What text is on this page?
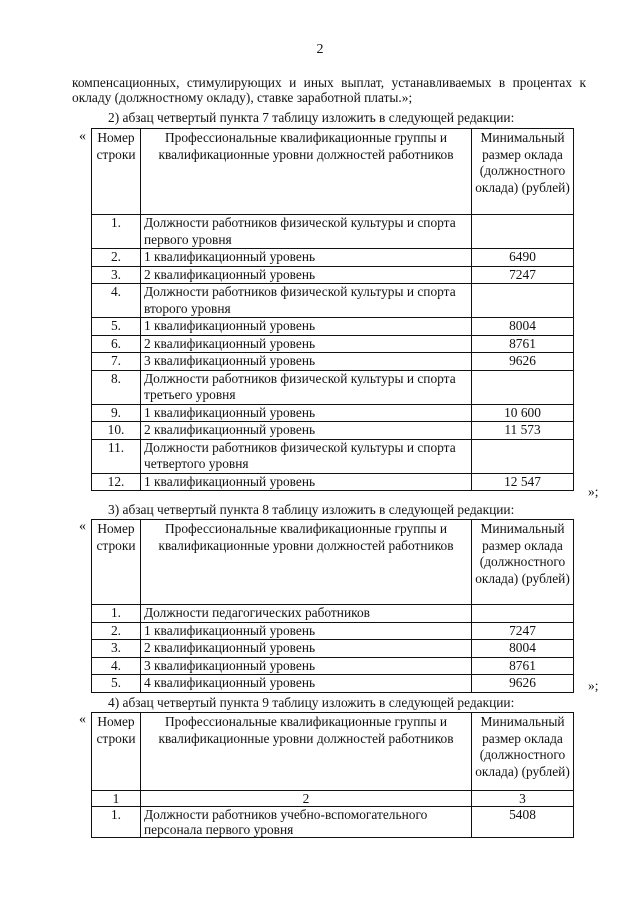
2
компенсационных, стимулирующих и иных выплат, устанавливаемых в процентах к окладу (должностному окладу), ставке заработной платы.»;
2) абзац четвертый пункта 7 таблицу изложить в следующей редакции:
« Номер строки	Профессиональные квалификационные группы и квалификационные уровни должностей работников	Минимальный размер оклада (должностного оклада) (рублей)
1.	Должности работников физической культуры и спорта первого уровня	
2.	1 квалификационный уровень	6490
3.	2 квалификационный уровень	7247
4.	Должности работников физической культуры и спорта второго уровня	
5.	1 квалификационный уровень	8004
6.	2 квалификационный уровень	8761
7.	3 квалификационный уровень	9626
8.	Должности работников физической культуры и спорта третьего уровня	
9.	1 квалификационный уровень	10 600
10.	2 квалификационный уровень	11 573
11.	Должности работников физической культуры и спорта четвертого уровня	
12.	1 квалификационный уровень	12 547
»;
3) абзац четвертый пункта 8 таблицу изложить в следующей редакции:
« Номер строки	Профессиональные квалификационные группы и квалификационные уровни должностей работников	Минимальный размер оклада (должностного оклада) (рублей)
1.	Должности педагогических работников	
2.	1 квалификационный уровень	7247
3.	2 квалификационный уровень	8004
4.	3 квалификационный уровень	8761
5.	4 квалификационный уровень	9626	»;
4) абзац четвертый пункта 9 таблицу изложить в следующей редакции:
« Номер строки	Профессиональные квалификационные группы и квалификационные уровни должностей работников	Минимальный размер оклада (должностного оклада) (рублей)
1	2	3
1.	Должности работников учебно-вспомогательного персонала первого уровня	5408
